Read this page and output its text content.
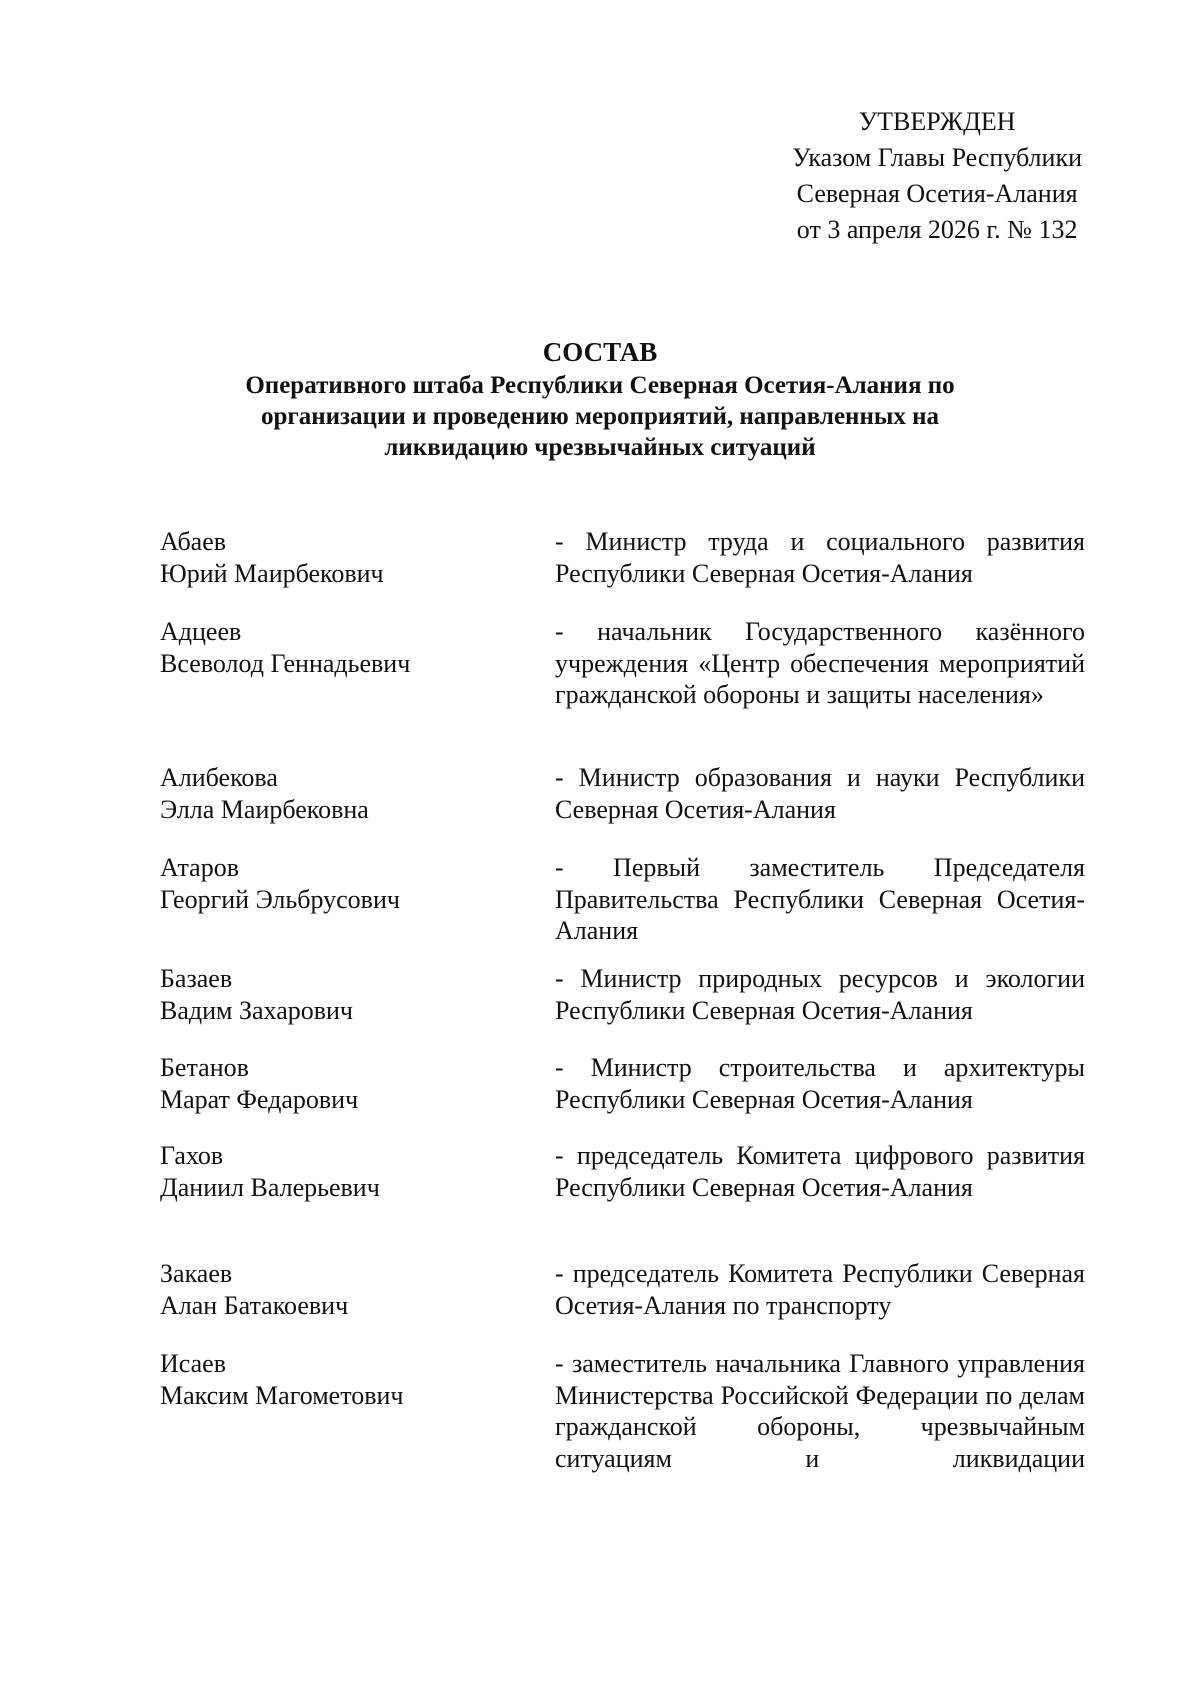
УТВЕРЖДЕН
Указом Главы Республики
Северная Осетия-Алания
от 3 апреля 2026 г. № 132
СОСТАВ
Оперативного штаба Республики Северная Осетия-Алания по
организации и проведению мероприятий, направленных на
ликвидацию чрезвычайных ситуаций
Абаев
Юрий Маирбекович
- Министр труда и социального развития Республики Северная Осетия-Алания
Адцеев
Всеволод Геннадьевич
- начальник Государственного казённого учреждения «Центр обеспечения мероприятий гражданской обороны и защиты населения»
Алибекова
Элла Маирбековна
- Министр образования и науки Республики Северная Осетия-Алания
Атаров
Георгий Эльбрусович
- Первый заместитель Председателя Правительства Республики Северная Осетия-Алания
Базаев
Вадим Захарович
- Министр природных ресурсов и экологии Республики Северная Осетия-Алания
Бетанов
Марат Федарович
- Министр строительства и архитектуры Республики Северная Осетия-Алания
Гахов
Даниил Валерьевич
- председатель Комитета цифрового развития Республики Северная Осетия-Алания
Закаев
Алан Батакоевич
- председатель Комитета Республики Северная Осетия-Алания по транспорту
Исаев
Максим Магометович
- заместитель начальника Главного управления Министерства Российской Федерации по делам гражданской обороны, чрезвычайным ситуациям и ликвидации
